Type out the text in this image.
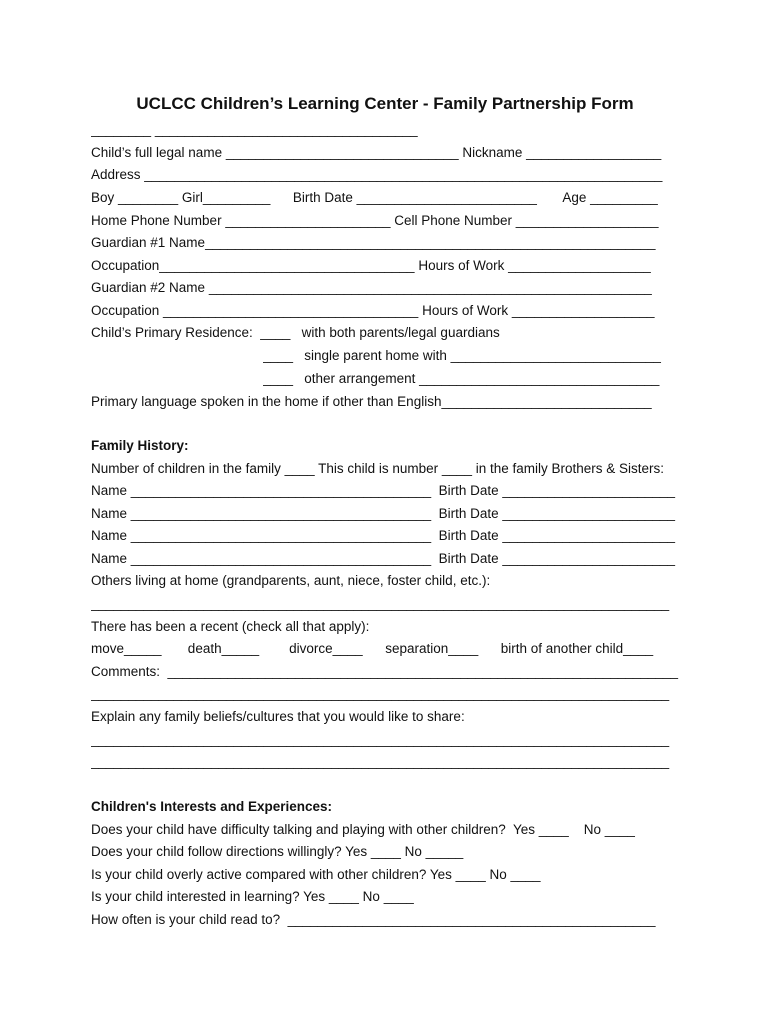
UCLCC Children’s Learning Center - Family Partnership Form
________ ___________________________________
Child’s full legal name _______________________________ Nickname __________________
Address _____________________________________________________________________
Boy ________ Girl_________      Birth Date ________________________       Age _________
Home Phone Number ______________________ Cell Phone Number ___________________
Guardian #1 Name____________________________________________________________
Occupation__________________________________ Hours of Work ___________________
Guardian #2 Name ___________________________________________________________
Occupation __________________________________ Hours of Work ___________________
Child’s Primary Residence:  ____   with both parents/legal guardians
____   single parent home with ____________________________
____   other arrangement ________________________________
Primary language spoken in the home if other than English____________________________
Family History:
Number of children in the family ____ This child is number ____ in the family Brothers & Sisters:
Name ________________________________________  Birth Date _______________________
Name ________________________________________  Birth Date _______________________
Name ________________________________________  Birth Date _______________________
Name ________________________________________  Birth Date _______________________
Others living at home (grandparents, aunt, niece, foster child, etc.):
_____________________________________________________________________________
There has been a recent (check all that apply):
move_____       death_____        divorce____      separation____      birth of another child____
Comments:  ____________________________________________________________________
_____________________________________________________________________________
Explain any family beliefs/cultures that you would like to share:
_____________________________________________________________________________
_____________________________________________________________________________
Children's Interests and Experiences:
Does your child have difficulty talking and playing with other children?  Yes ____    No ____
Does your child follow directions willingly? Yes ____ No _____
Is your child overly active compared with other children? Yes ____ No ____
Is your child interested in learning? Yes ____ No ____
How often is your child read to?  _________________________________________________
